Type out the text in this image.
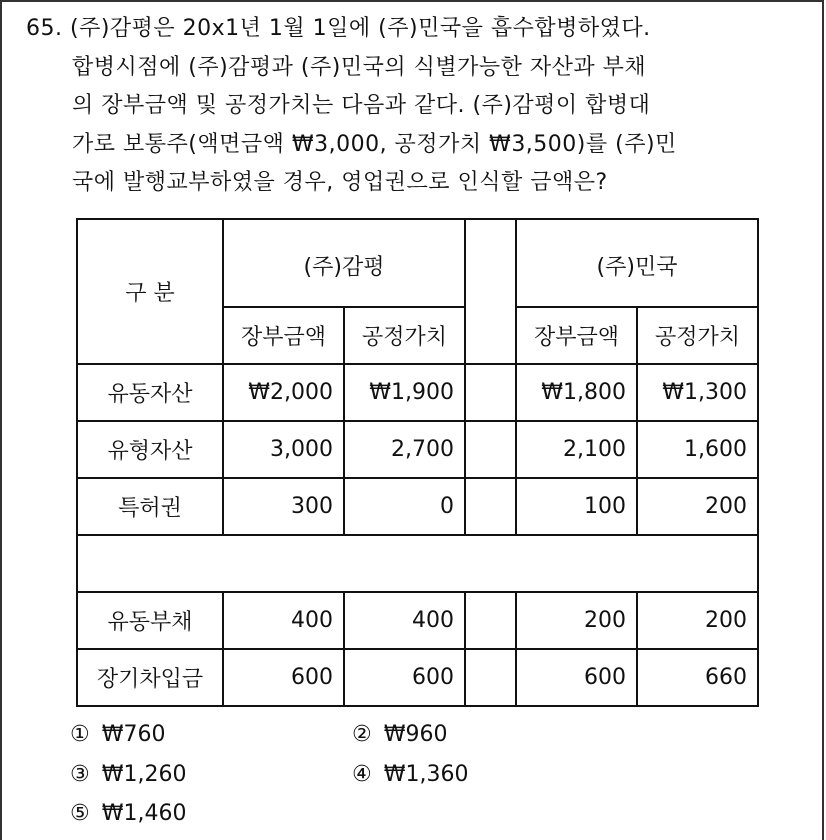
65. (주)감평은 20x1년 1월 1일에 (주)민국을 흡수합병하였다.
합병시점에 (주)감평과 (주)민국의 식별가능한 자산과 부채
의 장부금액 및 공정가치는 다음과 같다. (주)감평이 합병대
가로 보통주(액면금액 ₩3,000, 공정가치 ₩3,500)를 (주)민
국에 발행교부하였을 경우, 영업권으로 인식할 금액은?
구 분	(주)감평			(주)민국	
	장부금액	공정가치		장부금액	공정가치
유동자산	₩2,000	₩1,900		₩1,800	₩1,300
유형자산	3,000	2,700		2,100	1,600
특허권	300	0		100	200

유동부채	400	400		200	200
장기차입금	600	600		600	660
① ₩760	② ₩960
③ ₩1,260	④ ₩1,360
⑤ ₩1,460
